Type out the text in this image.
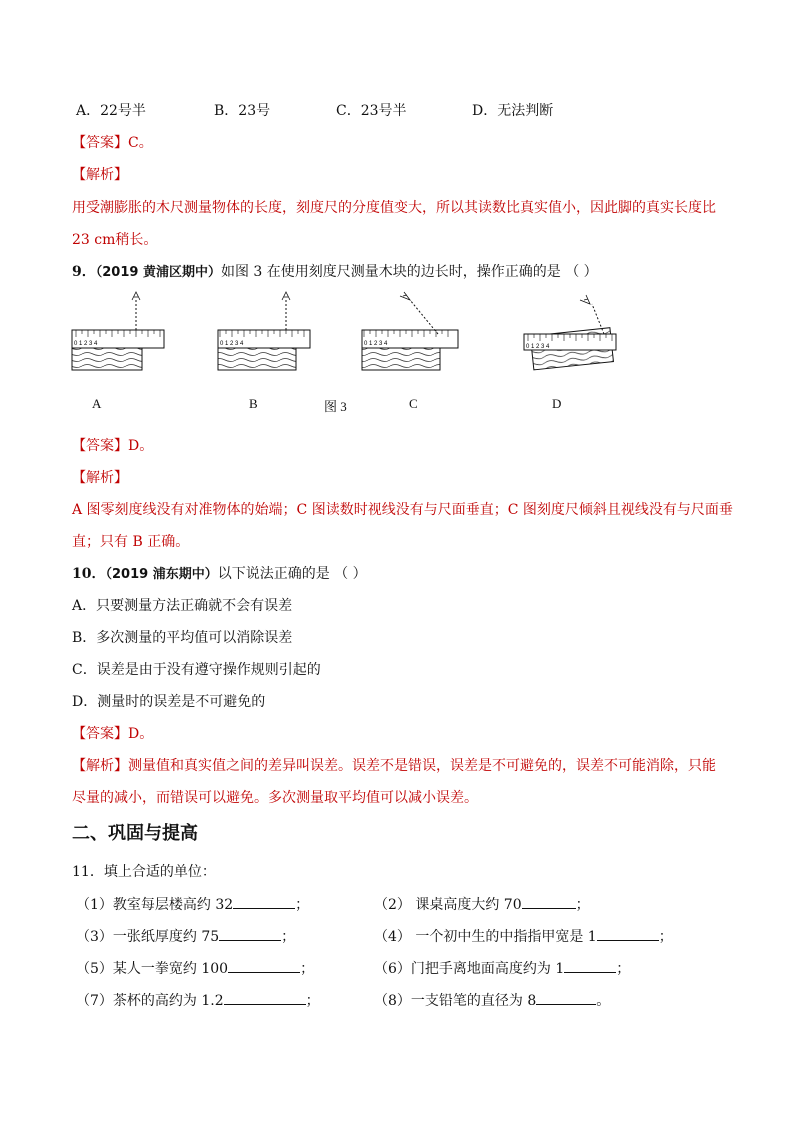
A．22号半	B．23号	C．23号半	D．无法判断
【答案】C。
【解析】
用受潮膨胀的木尺测量物体的长度，刻度尺的分度值变大，所以其读数比真实值小，因此脚的真实长度比
23 cm稍长。
9．（2019 黄浦区期中）如图 3 在使用刻度尺测量木块的边长时，操作正确的是 （ ）
0 1 2 3 4	0 1 2 3 4	0 1 2 3 4	0 1 2 3 4
A	B	图 3	C	D
【答案】D。
【解析】
A 图零刻度线没有对准物体的始端；C 图读数时视线没有与尺面垂直；C 图刻度尺倾斜且视线没有与尺面垂
直；只有 B 正确。
10．（2019 浦东期中）以下说法正确的是 （ ）
A．只要测量方法正确就不会有误差
B．多次测量的平均值可以消除误差
C．误差是由于没有遵守操作规则引起的
D．测量时的误差是不可避免的
【答案】D。
【解析】测量值和真实值之间的差异叫误差。误差不是错误，误差是不可避免的，误差不可能消除，只能
尽量的减小，而错误可以避免。多次测量取平均值可以减小误差。
二、巩固与提高
11．填上合适的单位：
（1）教室每层楼高约 32	；	（2） 课桌高度大约 70	；
（3）一张纸厚度约 75	；	（4） 一个初中生的中指指甲宽是 1	；
（5）某人一拳宽约 100	；	（6）门把手离地面高度约为 1	；
（7）茶杯的高约为 1.2	；	（8）一支铅笔的直径为 8	。
